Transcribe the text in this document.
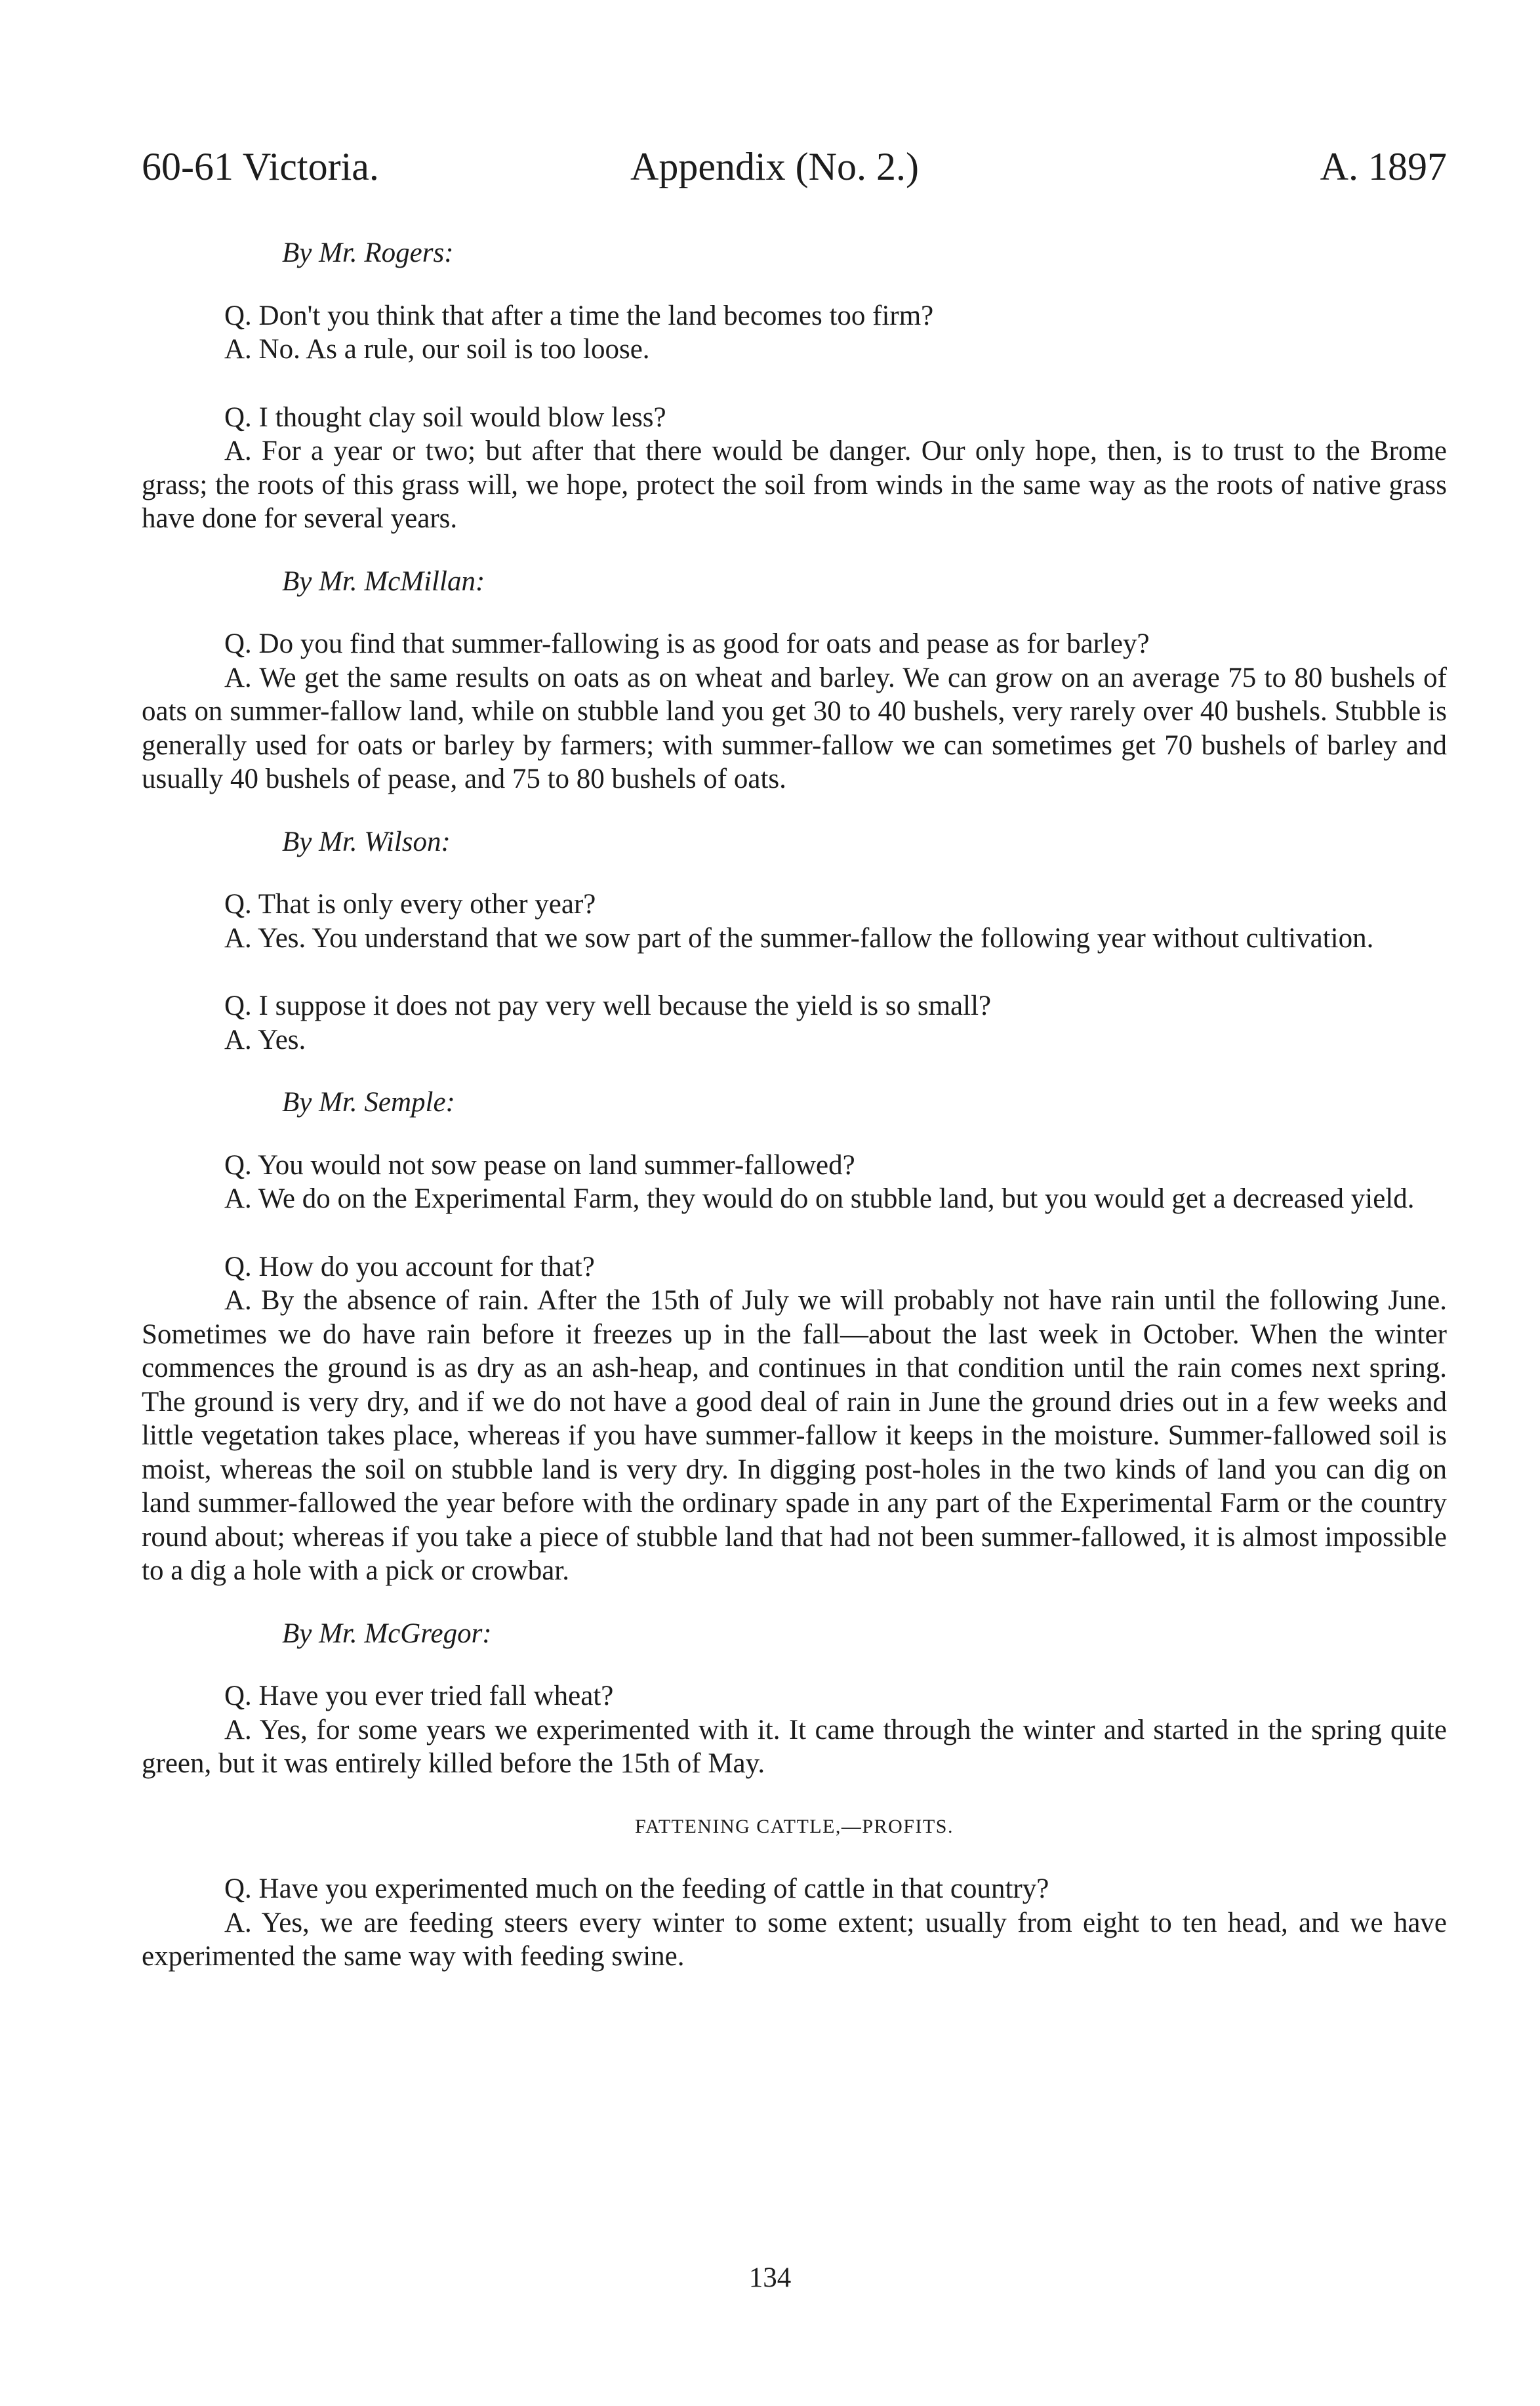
60-61 Victoria.	Appendix (No. 2.)	A. 1897
By Mr. Rogers:

Q. Don't you think that after a time the land becomes too firm?

A. No. As a rule, our soil is too loose.

Q. I thought clay soil would blow less?

A. For a year or two; but after that there would be danger. Our only hope, then, is to trust to the Brome grass; the roots of this grass will, we hope, protect the soil from winds in the same way as the roots of native grass have done for several years.

By Mr. McMillan:

Q. Do you find that summer-fallowing is as good for oats and pease as for barley?

A. We get the same results on oats as on wheat and barley. We can grow on an average 75 to 80 bushels of oats on summer-fallow land, while on stubble land you get 30 to 40 bushels, very rarely over 40 bushels. Stubble is generally used for oats or barley by farmers; with summer-fallow we can sometimes get 70 bushels of barley and usually 40 bushels of pease, and 75 to 80 bushels of oats.

By Mr. Wilson:

Q. That is only every other year?

A. Yes. You understand that we sow part of the summer-fallow the following year without cultivation.

Q. I suppose it does not pay very well because the yield is so small?

A. Yes.

By Mr. Semple:

Q. You would not sow pease on land summer-fallowed?

A. We do on the Experimental Farm, they would do on stubble land, but you would get a decreased yield.

Q. How do you account for that?

A. By the absence of rain. After the 15th of July we will probably not have rain until the following June. Sometimes we do have rain before it freezes up in the fall—about the last week in October. When the winter commences the ground is as dry as an ash-heap, and continues in that condition until the rain comes next spring. The ground is very dry, and if we do not have a good deal of rain in June the ground dries out in a few weeks and little vegetation takes place, whereas if you have summer-fallow it keeps in the moisture. Summer-fallowed soil is moist, whereas the soil on stubble land is very dry. In digging post-holes in the two kinds of land you can dig on land summer-fallowed the year before with the ordinary spade in any part of the Experimental Farm or the country round about; whereas if you take a piece of stubble land that had not been summer-fallowed, it is almost impossible to a dig a hole with a pick or crowbar.

By Mr. McGregor:

Q. Have you ever tried fall wheat?

A. Yes, for some years we experimented with it. It came through the winter and started in the spring quite green, but it was entirely killed before the 15th of May.

FATTENING CATTLE,—PROFITS.

Q. Have you experimented much on the feeding of cattle in that country?

A. Yes, we are feeding steers every winter to some extent; usually from eight to ten head, and we have experimented the same way with feeding swine.

134
